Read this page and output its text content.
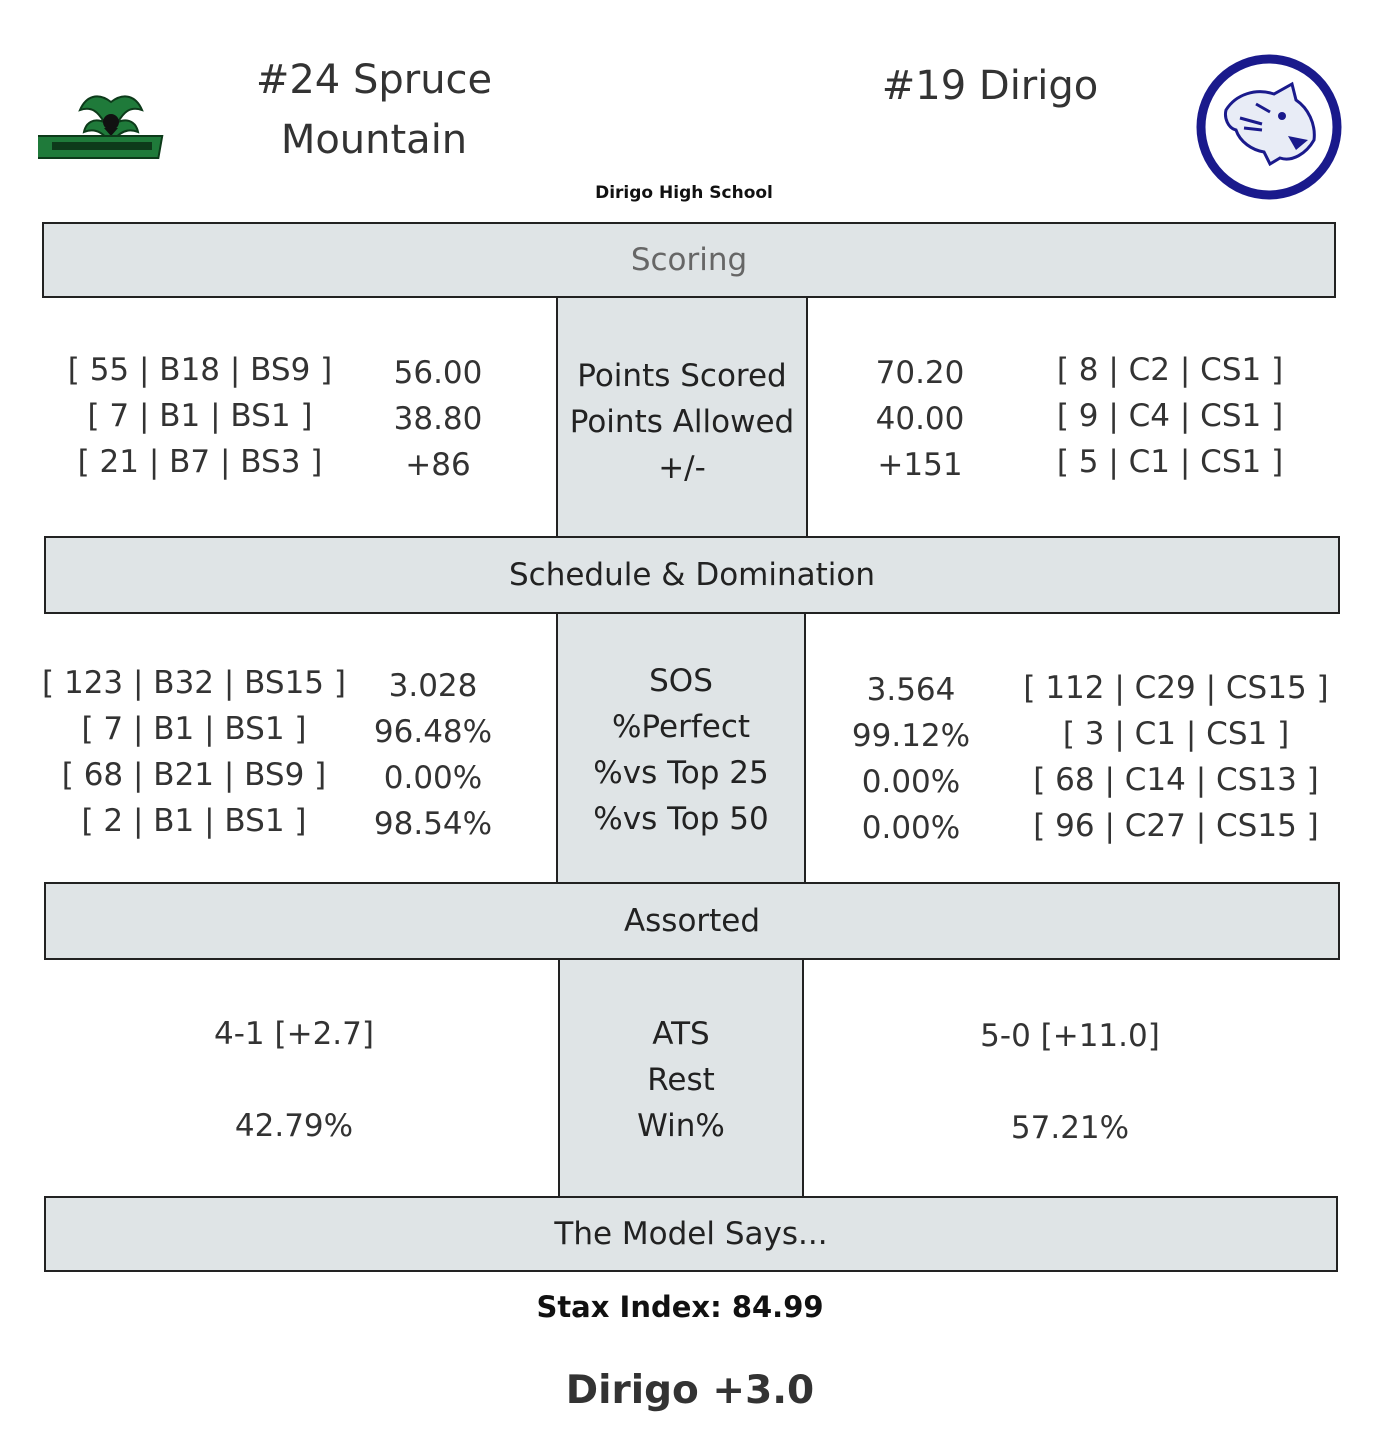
#24 Spruce Mountain
#19 Dirigo
Dirigo High School
Scoring
[ 55 | B18 | BS9 ]
[ 7 | B1 | BS1 ]
[ 21 | B7 | BS3 ]
56.00
38.80
+86
Points Scored
Points Allowed
+/-
70.20
40.00
+151
[ 8 | C2 | CS1 ]
[ 9 | C4 | CS1 ]
[ 5 | C1 | CS1 ]
Schedule & Domination
[ 123 | B32 | BS15 ]
[ 7 | B1 | BS1 ]
[ 68 | B21 | BS9 ]
[ 2 | B1 | BS1 ]
3.028
96.48%
0.00%
98.54%
SOS
%Perfect
%vs Top 25
%vs Top 50
3.564
99.12%
0.00%
0.00%
[ 112 | C29 | CS15 ]
[ 3 | C1 | CS1 ]
[ 68 | C14 | CS13 ]
[ 96 | C27 | CS15 ]
Assorted
4-1 [+2.7]

42.79%
ATS
Rest
Win%
5-0 [+11.0]

57.21%
The Model Says...
Stax Index: 84.99
Dirigo +3.0
